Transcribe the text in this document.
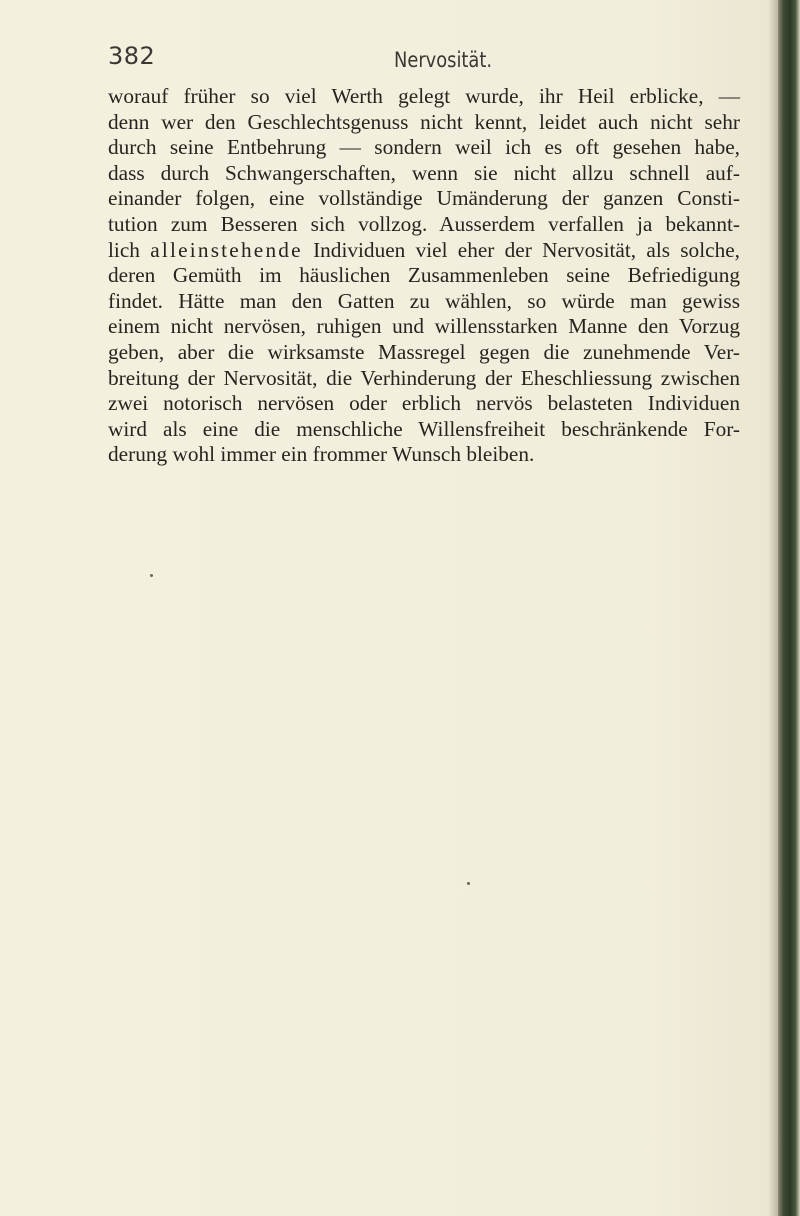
382	Nervosität.
worauf früher so viel Werth gelegt wurde, ihr Heil erblicke, —
denn wer den Geschlechtsgenuss nicht kennt, leidet auch nicht sehr
durch seine Entbehrung — sondern weil ich es oft gesehen habe,
dass durch Schwangerschaften, wenn sie nicht allzu schnell auf-
einander folgen, eine vollständige Umänderung der ganzen Consti-
tution zum Besseren sich vollzog. Ausserdem verfallen ja bekannt-
lich alleinstehende Individuen viel eher der Nervosität, als solche,
deren Gemüth im häuslichen Zusammenleben seine Befriedigung
findet. Hätte man den Gatten zu wählen, so würde man gewiss
einem nicht nervösen, ruhigen und willensstarken Manne den Vorzug
geben, aber die wirksamste Massregel gegen die zunehmende Ver-
breitung der Nervosität, die Verhinderung der Eheschliessung zwischen
zwei notorisch nervösen oder erblich nervös belasteten Individuen
wird als eine die menschliche Willensfreiheit beschränkende For-
derung wohl immer ein frommer Wunsch bleiben.
